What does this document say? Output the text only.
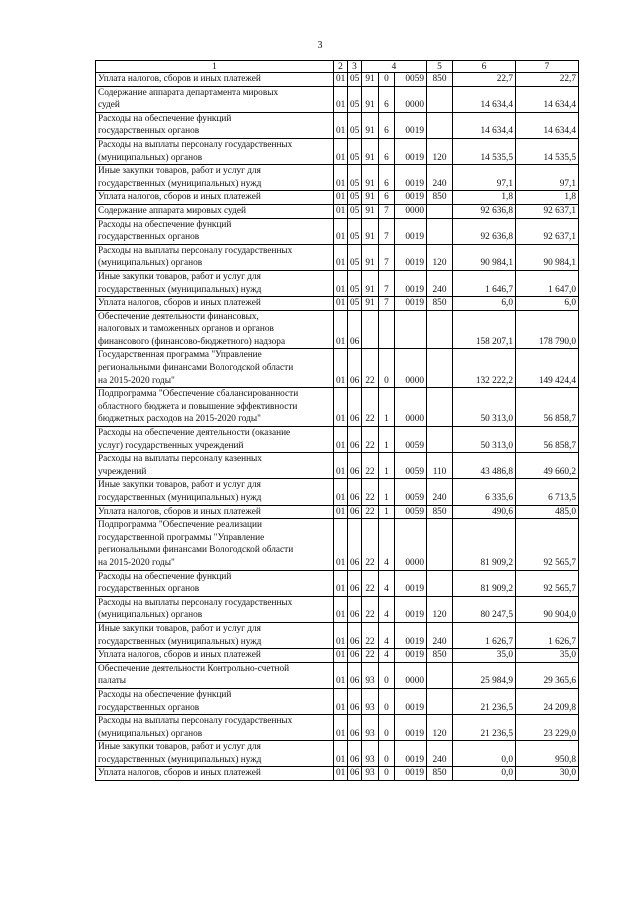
3
1	2	3	4			5	6	7
Уплата налогов, сборов и иных платежей	01	05	91	0	0059	850	22,7	22,7
Содержание аппарата департамента мировых
судей	01	05	91	6	0000		14 634,4	14 634,4
Расходы на обеспечение функций
государственных органов	01	05	91	6	0019		14 634,4	14 634,4
Расходы на выплаты персоналу государственных
(муниципальных) органов	01	05	91	6	0019	120	14 535,5	14 535,5
Иные закупки товаров, работ и услуг для
государственных (муниципальных) нужд	01	05	91	6	0019	240	97,1	97,1
Уплата налогов, сборов и иных платежей	01	05	91	6	0019	850	1,8	1,8
Содержание аппарата мировых судей	01	05	91	7	0000		92 636,8	92 637,1
Расходы на обеспечение функций
государственных органов	01	05	91	7	0019		92 636,8	92 637,1
Расходы на выплаты персоналу государственных
(муниципальных) органов	01	05	91	7	0019	120	90 984,1	90 984,1
Иные закупки товаров, работ и услуг для
государственных (муниципальных) нужд	01	05	91	7	0019	240	1 646,7	1 647,0
Уплата налогов, сборов и иных платежей	01	05	91	7	0019	850	6,0	6,0
Обеспечение деятельности финансовых,
налоговых и таможенных органов и органов
финансового (финансово-бюджетного) надзора	01	06					158 207,1	178 790,0
Государственная программа "Управление
региональными финансами Вологодской области
на 2015-2020 годы"	01	06	22	0	0000		132 222,2	149 424,4
Подпрограмма "Обеспечение сбалансированности
областного бюджета и повышение эффективности
бюджетных расходов на 2015-2020 годы"	01	06	22	1	0000		50 313,0	56 858,7
Расходы на обеспечение деятельности (оказание
услуг) государственных учреждений	01	06	22	1	0059		50 313,0	56 858,7
Расходы на выплаты персоналу казенных
учреждений	01	06	22	1	0059	110	43 486,8	49 660,2
Иные закупки товаров, работ и услуг для
государственных (муниципальных) нужд	01	06	22	1	0059	240	6 335,6	6 713,5
Уплата налогов, сборов и иных платежей	01	06	22	1	0059	850	490,6	485,0
Подпрограмма "Обеспечение реализации
государственной программы "Управление
региональными финансами Вологодской области
на 2015-2020 годы"	01	06	22	4	0000		81 909,2	92 565,7
Расходы на обеспечение функций
государственных органов	01	06	22	4	0019		81 909,2	92 565,7
Расходы на выплаты персоналу государственных
(муниципальных) органов	01	06	22	4	0019	120	80 247,5	90 904,0
Иные закупки товаров, работ и услуг для
государственных (муниципальных) нужд	01	06	22	4	0019	240	1 626,7	1 626,7
Уплата налогов, сборов и иных платежей	01	06	22	4	0019	850	35,0	35,0
Обеспечение деятельности Контрольно-счетной
палаты	01	06	93	0	0000		25 984,9	29 365,6
Расходы на обеспечение функций
государственных органов	01	06	93	0	0019		21 236,5	24 209,8
Расходы на выплаты персоналу государственных
(муниципальных) органов	01	06	93	0	0019	120	21 236,5	23 229,0
Иные закупки товаров, работ и услуг для
государственных (муниципальных) нужд	01	06	93	0	0019	240	0,0	950,8
Уплата налогов, сборов и иных платежей	01	06	93	0	0019	850	0,0	30,0
